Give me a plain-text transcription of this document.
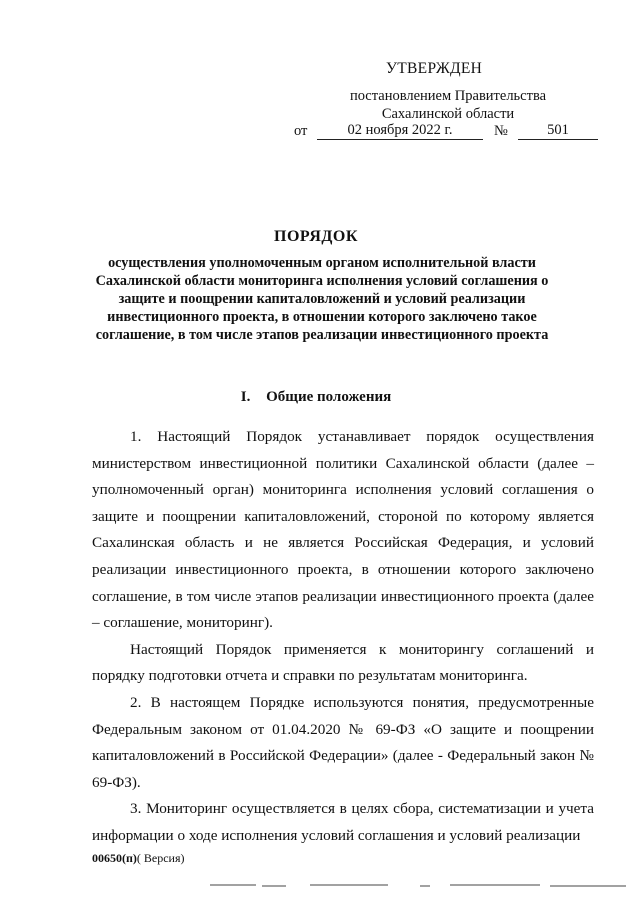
УТВЕРЖДЕН
постановлением Правительства
Сахалинской области
от	02 ноября 2022 г.	№	501
ПОРЯДОК
осуществления уполномоченным органом исполнительной власти Сахалинской области мониторинга исполнения условий соглашения о защите и поощрении капиталовложений и условий реализации инвестиционного проекта, в отношении которого заключено такое соглашение, в том числе этапов реализации инвестиционного проекта
I. Общие положения

1. Настоящий Порядок устанавливает порядок осуществления министерством инвестиционной политики Сахалинской области (далее – уполномоченный орган) мониторинга исполнения условий соглашения о защите и поощрении капиталовложений, стороной по которому является Сахалинская область и не является Российская Федерация, и условий реализации инвестиционного проекта, в отношении которого заключено соглашение, в том числе этапов реализации инвестиционного проекта (далее – соглашение, мониторинг).

Настоящий Порядок применяется к мониторингу соглашений и порядку подготовки отчета и справки по результатам мониторинга.

2. В настоящем Порядке используются понятия, предусмотренные Федеральным законом от 01.04.2020 № 69-ФЗ «О защите и поощрении капиталовложений в Российской Федерации» (далее - Федеральный закон № 69-ФЗ).

3. Мониторинг осуществляется в целях сбора, систематизации и учета информации о ходе исполнения условий соглашения и условий реализации

00650(п)( Версия)
